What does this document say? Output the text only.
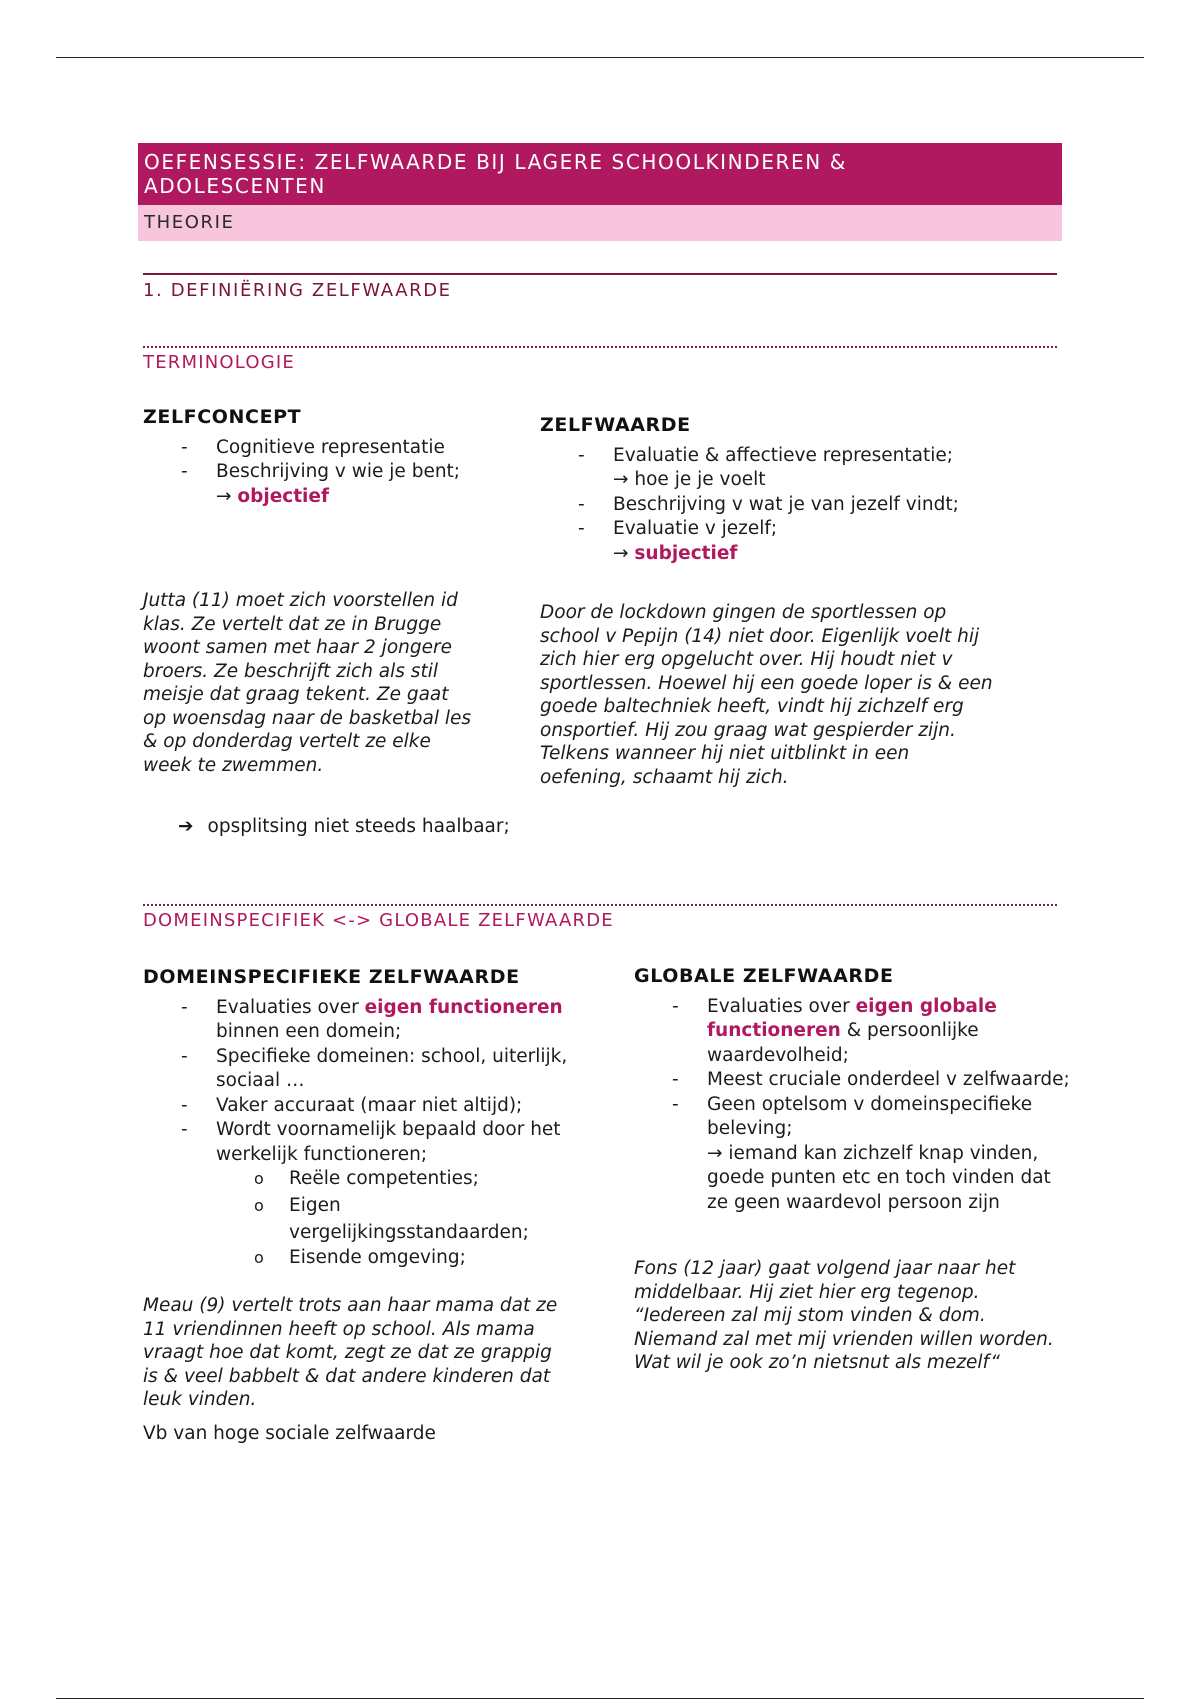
OEFENSESSIE: ZELFWAARDE BIJ LAGERE SCHOOLKINDEREN &
ADOLESCENTEN
THEORIE
1. DEFINIËRING ZELFWAARDE
TERMINOLOGIE
ZELFCONCEPT
- Cognitieve representatie
- Beschrijving v wie je bent;
→ objectief
Jutta (11) moet zich voorstellen id
klas. Ze vertelt dat ze in Brugge
woont samen met haar 2 jongere
broers. Ze beschrijft zich als stil
meisje dat graag tekent. Ze gaat
op woensdag naar de basketbal les
& op donderdag vertelt ze elke
week te zwemmen.
ZELFWAARDE
- Evaluatie & affectieve representatie;
→ hoe je je voelt
- Beschrijving v wat je van jezelf vindt;
- Evaluatie v jezelf;
→ subjectief
Door de lockdown gingen de sportlessen op
school v Pepijn (14) niet door. Eigenlijk voelt hij
zich hier erg opgelucht over. Hij houdt niet v
sportlessen. Hoewel hij een goede loper is & een
goede baltechniek heeft, vindt hij zichzelf erg
onsportief. Hij zou graag wat gespierder zijn.
Telkens wanneer hij niet uitblinkt in een
oefening, schaamt hij zich.
➔ opsplitsing niet steeds haalbaar;
DOMEINSPECIFIEK <-> GLOBALE ZELFWAARDE
DOMEINSPECIFIEKE ZELFWAARDE
- Evaluaties over eigen functioneren
binnen een domein;
- Specifieke domeinen: school, uiterlijk,
sociaal …
- Vaker accuraat (maar niet altijd);
- Wordt voornamelijk bepaald door het
werkelijk functioneren;
o Reële competenties;
o Eigen
vergelijkingsstandaarden;
o Eisende omgeving;
Meau (9) vertelt trots aan haar mama dat ze
11 vriendinnen heeft op school. Als mama
vraagt hoe dat komt, zegt ze dat ze grappig
is & veel babbelt & dat andere kinderen dat
leuk vinden.
Vb van hoge sociale zelfwaarde
GLOBALE ZELFWAARDE
- Evaluaties over eigen globale
functioneren & persoonlijke
waardevolheid;
- Meest cruciale onderdeel v zelfwaarde;
- Geen optelsom v domeinspecifieke
beleving;
→ iemand kan zichzelf knap vinden,
goede punten etc en toch vinden dat
ze geen waardevol persoon zijn
Fons (12 jaar) gaat volgend jaar naar het
middelbaar. Hij ziet hier erg tegenop.
“Iedereen zal mij stom vinden & dom.
Niemand zal met mij vrienden willen worden.
Wat wil je ook zo’n nietsnut als mezelf“
